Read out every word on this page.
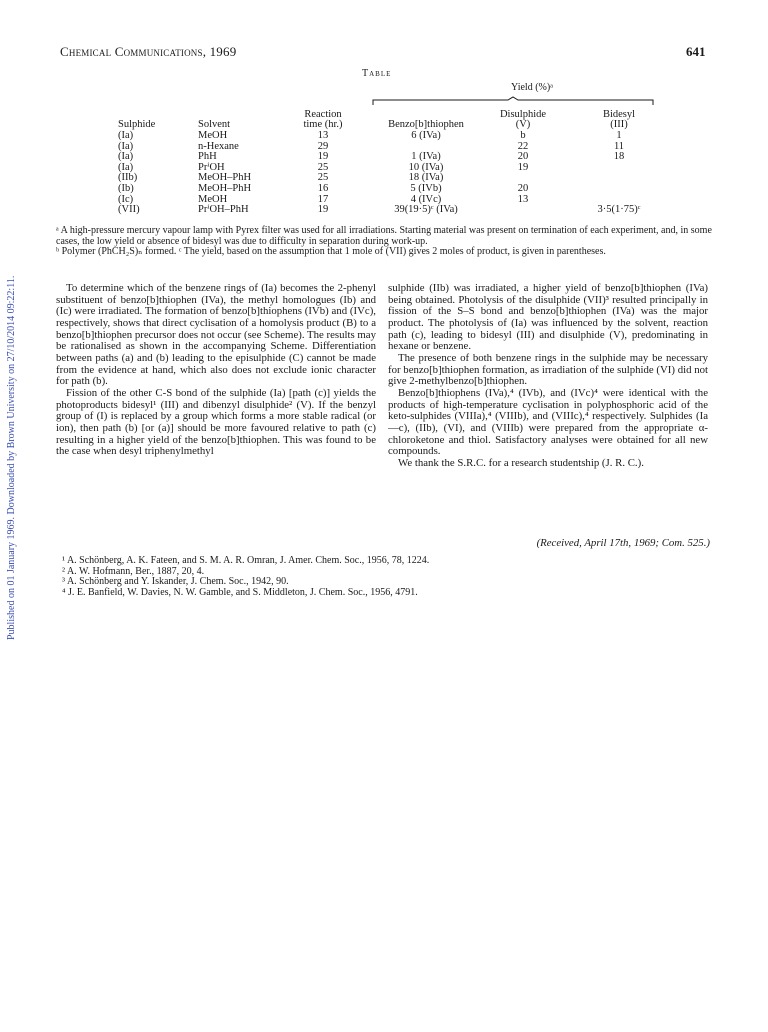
Published on 01 January 1969. Downloaded by Brown University on 27/10/2014 09:22:11.
Chemical Communications, 1969	641
Table
Yield (%)ᵃ
Sulphide
(Ia)
(Ia)
(Ia)
(Ia)
(IIb)
(Ib)
(Ic)
(VII)
Solvent
MeOH
n-Hexane
PhH
PrⁱOH
MeOH–PhH
MeOH–PhH
MeOH
PrⁱOH–PhH
Reaction
time (hr.)
13
29
19
25
25
16
17
19
Benzo[b]thiophen
6 (IVa)

1 (IVa)
10 (IVa)
18 (IVa)
5 (IVb)
4 (IVc)
39(19·5)ᶜ (IVa)
Disulphide
(V)
b
22
20
19

20
13

Bidesyl
(III)
1
11
18

3·5(1·75)ᶜ
ᵃ A high-pressure mercury vapour lamp with Pyrex filter was used for all irradiations. Starting material was present on termination of each experiment, and, in some cases, the low yield or absence of bidesyl was due to difficulty in separation during work-up.
ᵇ Polymer (PhCH₂S)ₙ formed. ᶜ The yield, based on the assumption that 1 mole of (VII) gives 2 moles of product, is given in parentheses.

To determine which of the benzene rings of (Ia) becomes the 2-phenyl substituent of benzo[b]thiophen (IVa), the methyl homologues (Ib) and (Ic) were irradiated. The formation of benzo[b]thiophens (IVb) and (IVc), respectively, shows that direct cyclisation of a homolysis product (B) to a benzo[b]thiophen precursor does not occur (see Scheme). The results may be rationalised as shown in the accompanying Scheme. Differentiation between paths (a) and (b) leading to the episulphide (C) cannot be made from the evidence at hand, which also does not exclude ionic character for path (b).

Fission of the other C-S bond of the sulphide (Ia) [path (c)] yields the photoproducts bidesyl¹ (III) and dibenzyl disulphide² (V). If the benzyl group of (I) is replaced by a group which forms a more stable radical (or ion), then path (b) [or (a)] should be more favoured relative to path (c) resulting in a higher yield of the benzo[b]thiophen. This was found to be the case when desyl triphenylmethyl

sulphide (IIb) was irradiated, a higher yield of benzo[b]thiophen (IVa) being obtained. Photolysis of the disulphide (VII)³ resulted principally in fission of the S–S bond and benzo[b]thiophen (IVa) was the major product. The photolysis of (Ia) was influenced by the solvent, reaction path (c), leading to bidesyl (III) and disulphide (V), predominating in hexane or benzene.

The presence of both benzene rings in the sulphide may be necessary for benzo[b]thiophen formation, as irradiation of the sulphide (VI) did not give 2-methylbenzo[b]thiophen.

Benzo[b]thiophens (IVa),⁴ (IVb), and (IVc)⁴ were identical with the products of high-temperature cyclisation in polyphosphoric acid of the keto-sulphides (VIIIa),⁴ (VIIIb), and (VIIIc),⁴ respectively. Sulphides (Ia—c), (IIb), (VI), and (VIIIb) were prepared from the appropriate α-chloroketone and thiol. Satisfactory analyses were obtained for all new compounds.

We thank the S.R.C. for a research studentship (J. R. C.).

(Received, April 17th, 1969; Com. 525.)
¹ A. Schönberg, A. K. Fateen, and S. M. A. R. Omran, J. Amer. Chem. Soc., 1956, 78, 1224.
² A. W. Hofmann, Ber., 1887, 20, 4.
³ A. Schönberg and Y. Iskander, J. Chem. Soc., 1942, 90.
⁴ J. E. Banfield, W. Davies, N. W. Gamble, and S. Middleton, J. Chem. Soc., 1956, 4791.
